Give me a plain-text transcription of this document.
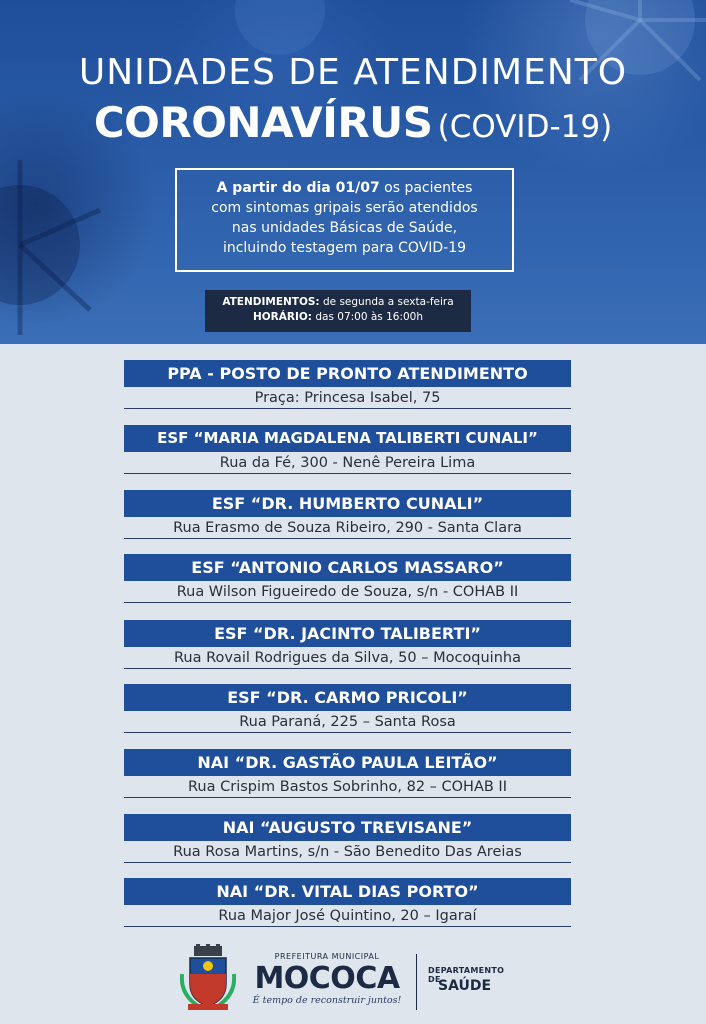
UNIDADES DE ATENDIMENTO
CORONAVÍRUS (COVID-19)
A partir do dia 01/07 os pacientes
com sintomas gripais serão atendidos
nas unidades Básicas de Saúde,
incluindo testagem para COVID-19
ATENDIMENTOS: de segunda a sexta-feira
HORÁRIO: das 07:00 às 16:00h
PPA - POSTO DE PRONTO ATENDIMENTO
Praça: Princesa Isabel, 75
ESF “MARIA MAGDALENA TALIBERTI CUNALI”
Rua da Fé, 300 - Nenê Pereira Lima
ESF “DR. HUMBERTO CUNALI”
Rua Erasmo de Souza Ribeiro, 290 - Santa Clara
ESF “ANTONIO CARLOS MASSARO”
Rua Wilson Figueiredo de Souza, s/n - COHAB II
ESF “DR. JACINTO TALIBERTI”
Rua Rovail Rodrigues da Silva, 50 – Mocoquinha
ESF “DR. CARMO PRICOLI”
Rua Paraná, 225 – Santa Rosa
NAI “DR. GASTÃO PAULA LEITÃO”
Rua Crispim Bastos Sobrinho, 82 – COHAB II
NAI “AUGUSTO TREVISANE”
Rua Rosa Martins, s/n - São Benedito Das Areias
NAI “DR. VITAL DIAS PORTO”
Rua Major José Quintino, 20 – Igaraí
PREFEITURA MUNICIPAL
MOCOCA
É tempo de reconstruir juntos!
DEPARTAMENTO DE
SAÚDE
